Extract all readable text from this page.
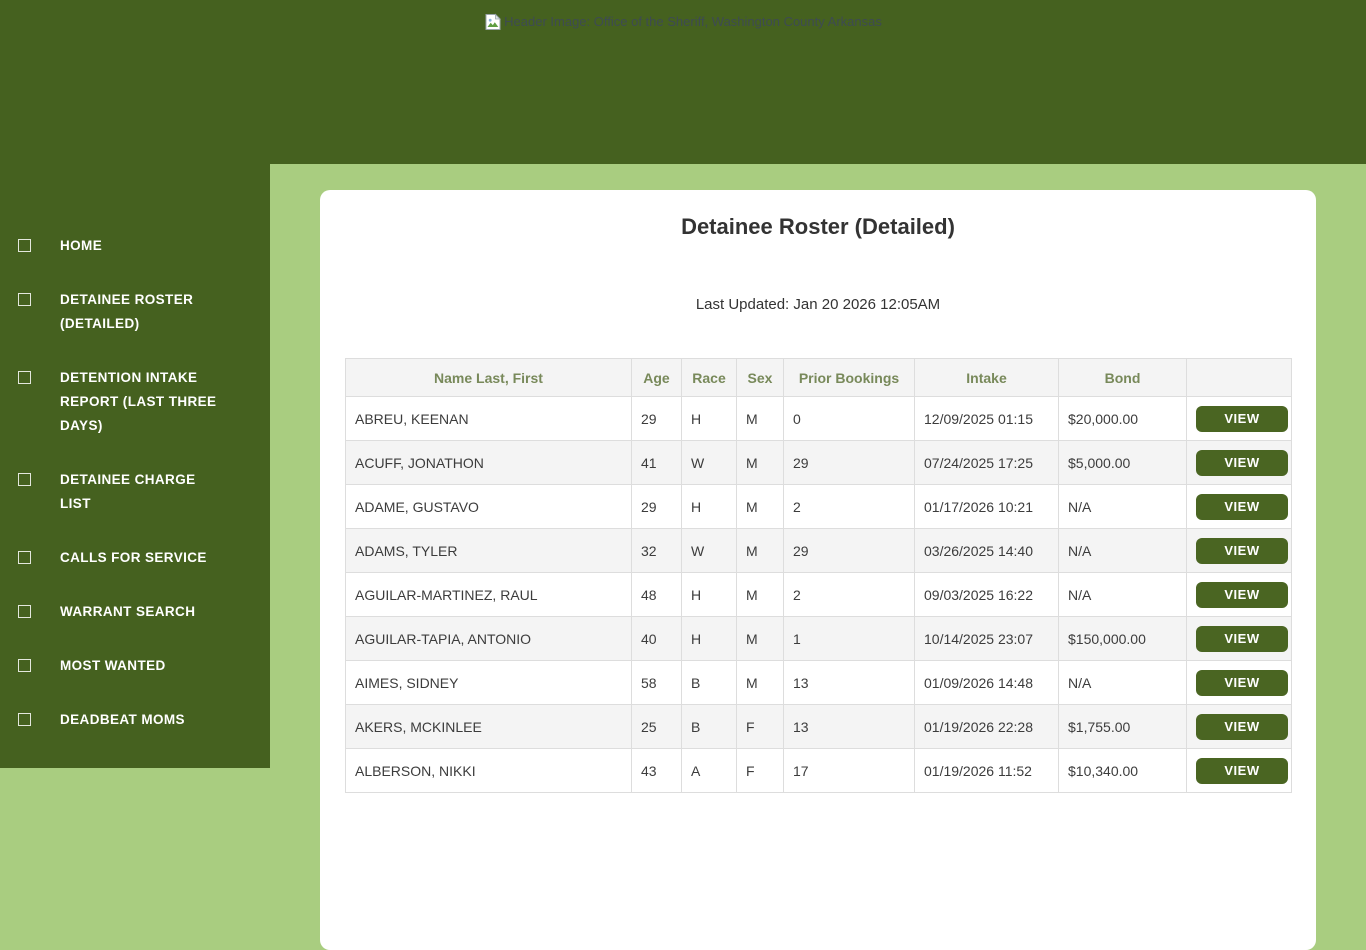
Header Image: Office of the Sheriff, Washington County Arkansas
HOME
DETAINEE ROSTER (DETAILED)
DETENTION INTAKE REPORT (LAST THREE DAYS)
DETAINEE CHARGE LIST
CALLS FOR SERVICE
WARRANT SEARCH
MOST WANTED
DEADBEAT MOMS
Detainee Roster (Detailed)
Last Updated: Jan 20 2026 12:05AM
Name Last, First	Age	Race	Sex	Prior Bookings	Intake	Bond	
ABREU, KEENAN	29	H	M	0	12/09/2025 01:15	$20,000.00	VIEW
ACUFF, JONATHON	41	W	M	29	07/24/2025 17:25	$5,000.00	VIEW
ADAME, GUSTAVO	29	H	M	2	01/17/2026 10:21	N/A	VIEW
ADAMS, TYLER	32	W	M	29	03/26/2025 14:40	N/A	VIEW
AGUILAR-MARTINEZ, RAUL	48	H	M	2	09/03/2025 16:22	N/A	VIEW
AGUILAR-TAPIA, ANTONIO	40	H	M	1	10/14/2025 23:07	$150,000.00	VIEW
AIMES, SIDNEY	58	B	M	13	01/09/2026 14:48	N/A	VIEW
AKERS, MCKINLEE	25	B	F	13	01/19/2026 22:28	$1,755.00	VIEW
ALBERSON, NIKKI	43	A	F	17	01/19/2026 11:52	$10,340.00	VIEW
